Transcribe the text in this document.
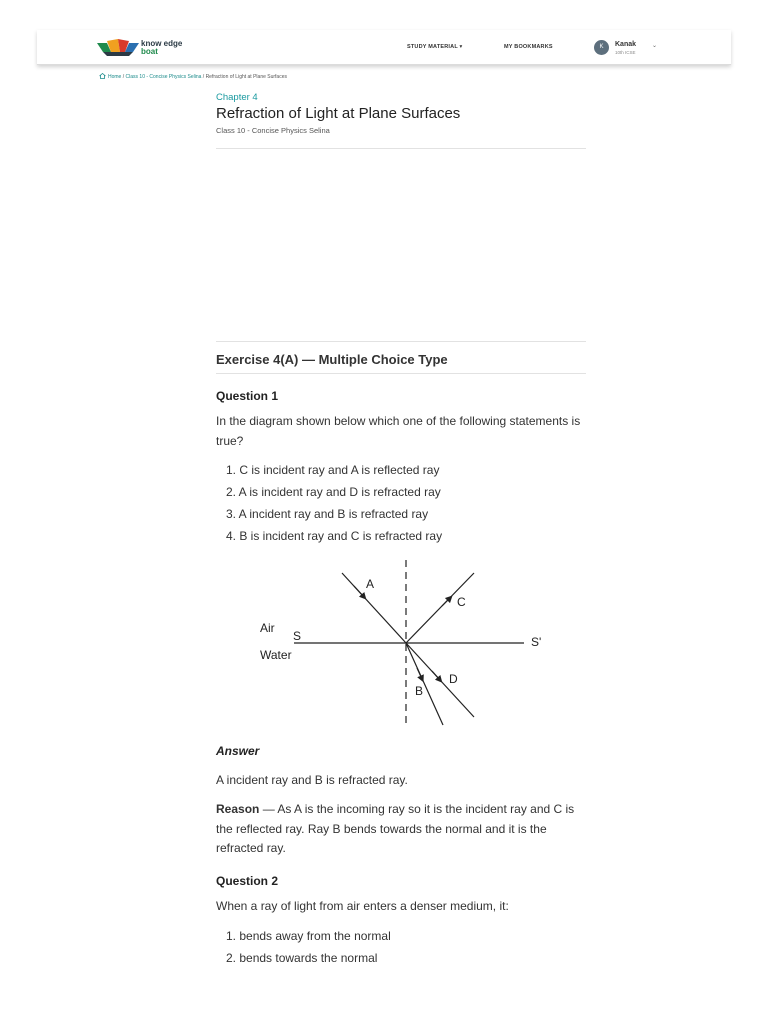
know edge
boat	STUDY MATERIAL ▾	MY BOOKMARKS	K	Kanak
10th ICSE
⌄
Home / Class 10 - Concise Physics Selina / Refraction of Light at Plane Surfaces
Chapter 4
Refraction of Light at Plane Surfaces
Class 10 - Concise Physics Selina
Exercise 4(A) — Multiple Choice Type
Question 1
In the diagram shown below which one of the following statements is true?
1. C is incident ray and A is reflected ray
2. A is incident ray and D is refracted ray
3. A incident ray and B is refracted ray
4. B is incident ray and C is refracted ray
A
C
Air
S	S'
Water
B
D
Answer
A incident ray and B is refracted ray.
Reason — As A is the incoming ray so it is the incident ray and C is the reflected ray. Ray B bends towards the normal and it is the refracted ray.
Question 2
When a ray of light from air enters a denser medium, it:
1. bends away from the normal
2. bends towards the normal
